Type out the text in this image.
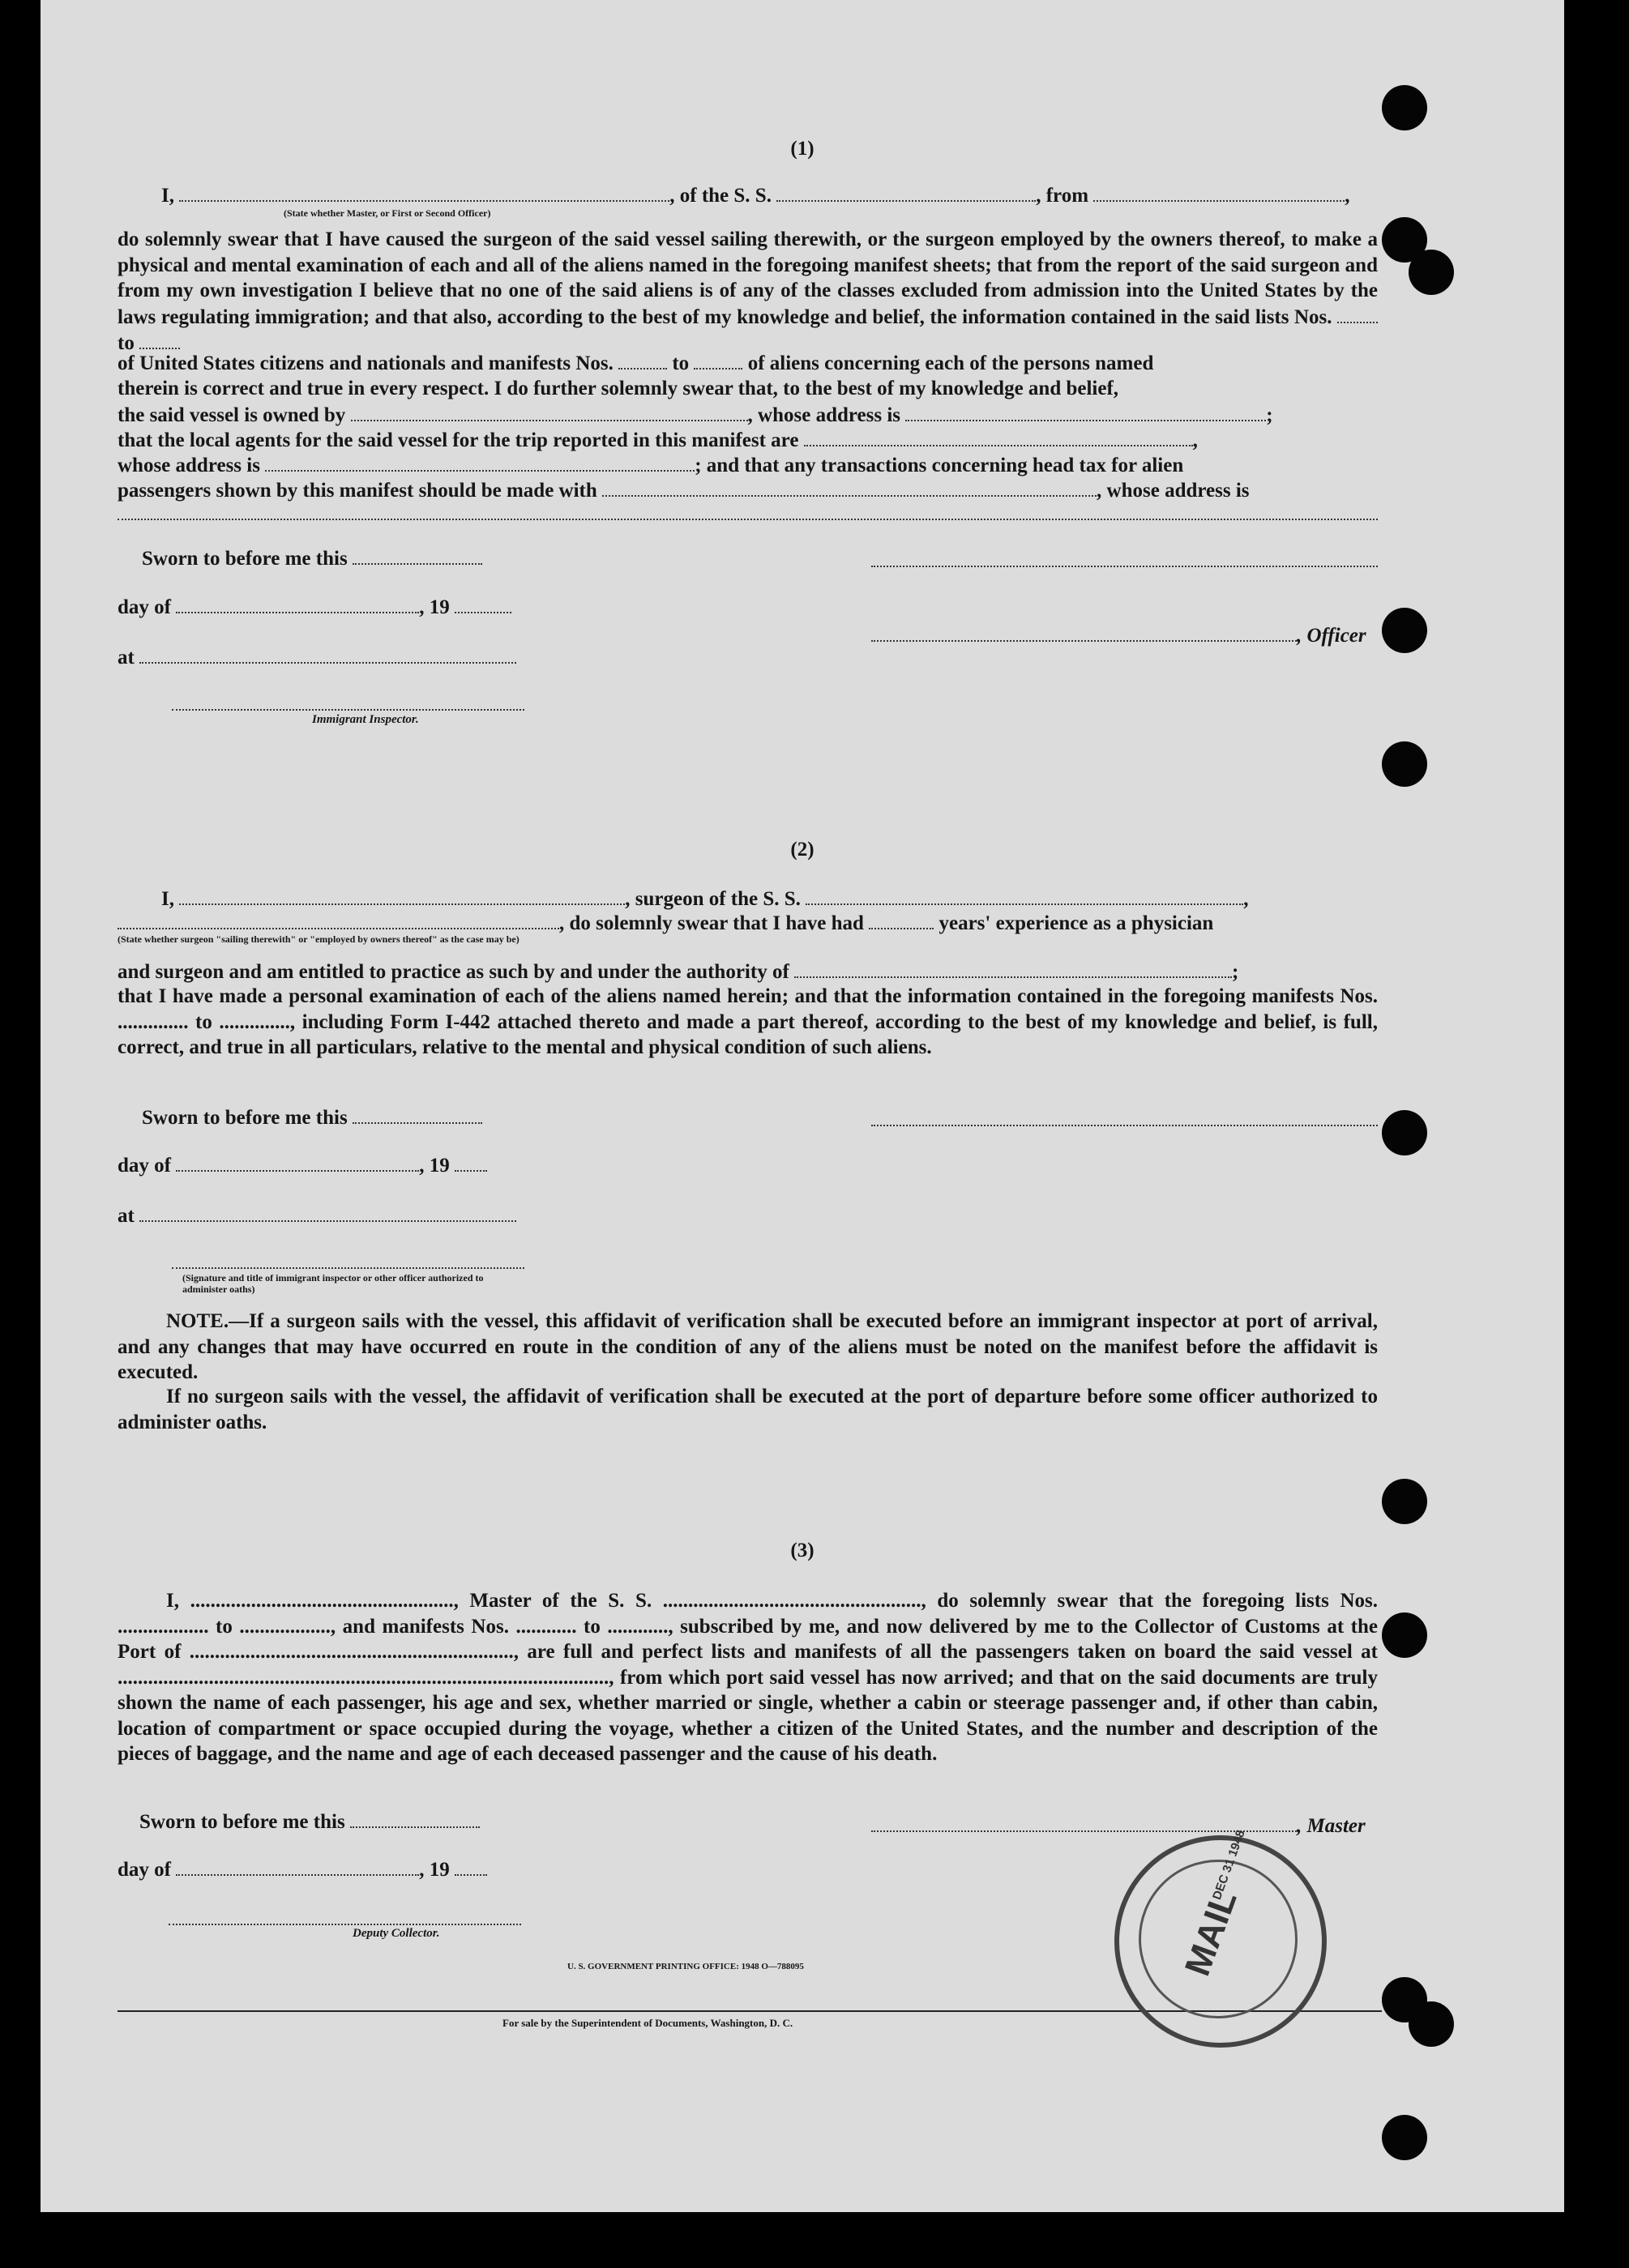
(1)
I,	, of the S. S.	, from	,
(State whether Master, or First or Second Officer)
do solemnly swear that I have caused the surgeon of the said vessel sailing therewith, or the surgeon employed by the owners thereof, to make a physical and mental examination of each and all of the aliens named in the foregoing manifest sheets; that from the report of the said surgeon and from my own investigation I believe that no one of the said aliens is of any of the classes excluded from admission into the United States by the laws regulating immigration; and that also, according to the best of my knowledge and belief, the information contained in the said lists Nos.  to
of United States citizens and nationals and manifests Nos.	to	of aliens concerning each of the persons named
therein is correct and true in every respect. I do further solemnly swear that, to the best of my knowledge and belief,
the said vessel is owned by	, whose address is	;
that the local agents for the said vessel for the trip reported in this manifest are	,
whose address is	; and that any transactions concerning head tax for alien
passengers shown by this manifest should be made with	, whose address is
Sworn to before me this
day of	, 19
, Officer
at
Immigrant Inspector.
(2)
I,	, surgeon of the S. S.	,
, do solemnly swear that I have had	years' experience as a physician
(State whether surgeon "sailing therewith" or "employed by owners thereof" as the case may be)
and surgeon and am entitled to practice as such by and under the authority of	;
that I have made a personal examination of each of the aliens named herein; and that the information contained in the foregoing manifests Nos. .............. to .............., including Form I-442 attached thereto and made a part thereof, according to the best of my knowledge and belief, is full, correct, and true in all particulars, relative to the mental and physical condition of such aliens.
Sworn to before me this
day of	, 19
at
(Signature and title of immigrant inspector or other officer authorized to administer oaths)
NOTE.—If a surgeon sails with the vessel, this affidavit of verification shall be executed before an immigrant inspector at port of arrival, and any changes that may have occurred en route in the condition of any of the aliens must be noted on the manifest before the affidavit is executed.
If no surgeon sails with the vessel, the affidavit of verification shall be executed at the port of departure before some officer authorized to administer oaths.
(3)
I, ...................................................., Master of the S. S. ..................................................., do solemnly swear that the foregoing lists Nos. .................. to .................., and manifests Nos. ............ to ............, subscribed by me, and now delivered by me to the Collector of Customs at the Port of ................................................................, are full and perfect lists and manifests of all the passengers taken on board the said vessel at ................................................................................................., from which port said vessel has now arrived; and that on the said documents are truly shown the name of each passenger, his age and sex, whether married or single, whether a cabin or steerage passenger and, if other than cabin, location of compartment or space occupied during the voyage, whether a citizen of the United States, and the number and description of the pieces of baggage, and the name and age of each deceased passenger and the cause of his death.
Sworn to before me this	, Master
day of	, 19
Deputy Collector.
U. S. GOVERNMENT PRINTING OFFICE: 1948 O—788095
For sale by the Superintendent of Documents, Washington, D. C.
MAIL
DEC 31 1948
